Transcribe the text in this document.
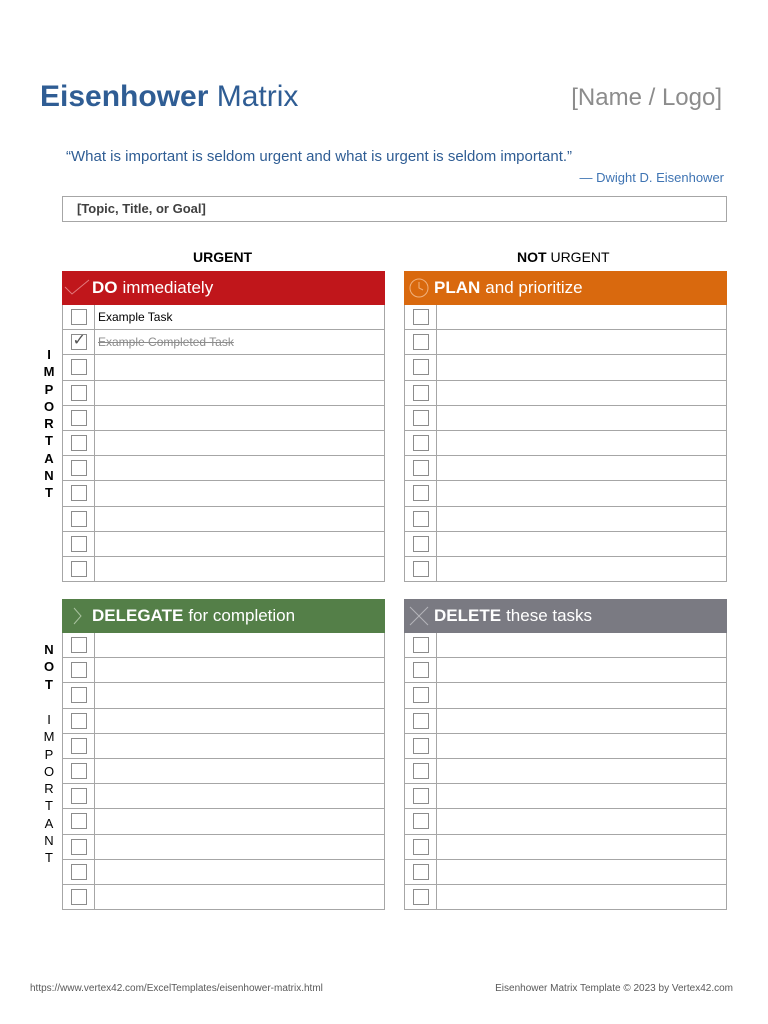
Eisenhower Matrix	[Name / Logo]
“What is important is seldom urgent and what is urgent is seldom important.”
— Dwight D. Eisenhower
[Topic, Title, or Goal]
URGENT	NOT URGENT
I
M
P
O
R
T
A
N
T
N
O
T
I
M
P
O
R
T
A
N
T
DO immediately
Example Task
✓ Example Completed Task
PLAN and prioritize
DELEGATE for completion	DELETE these tasks
https://www.vertex42.com/ExcelTemplates/eisenhower-matrix.html	Eisenhower Matrix Template © 2023 by Vertex42.com
